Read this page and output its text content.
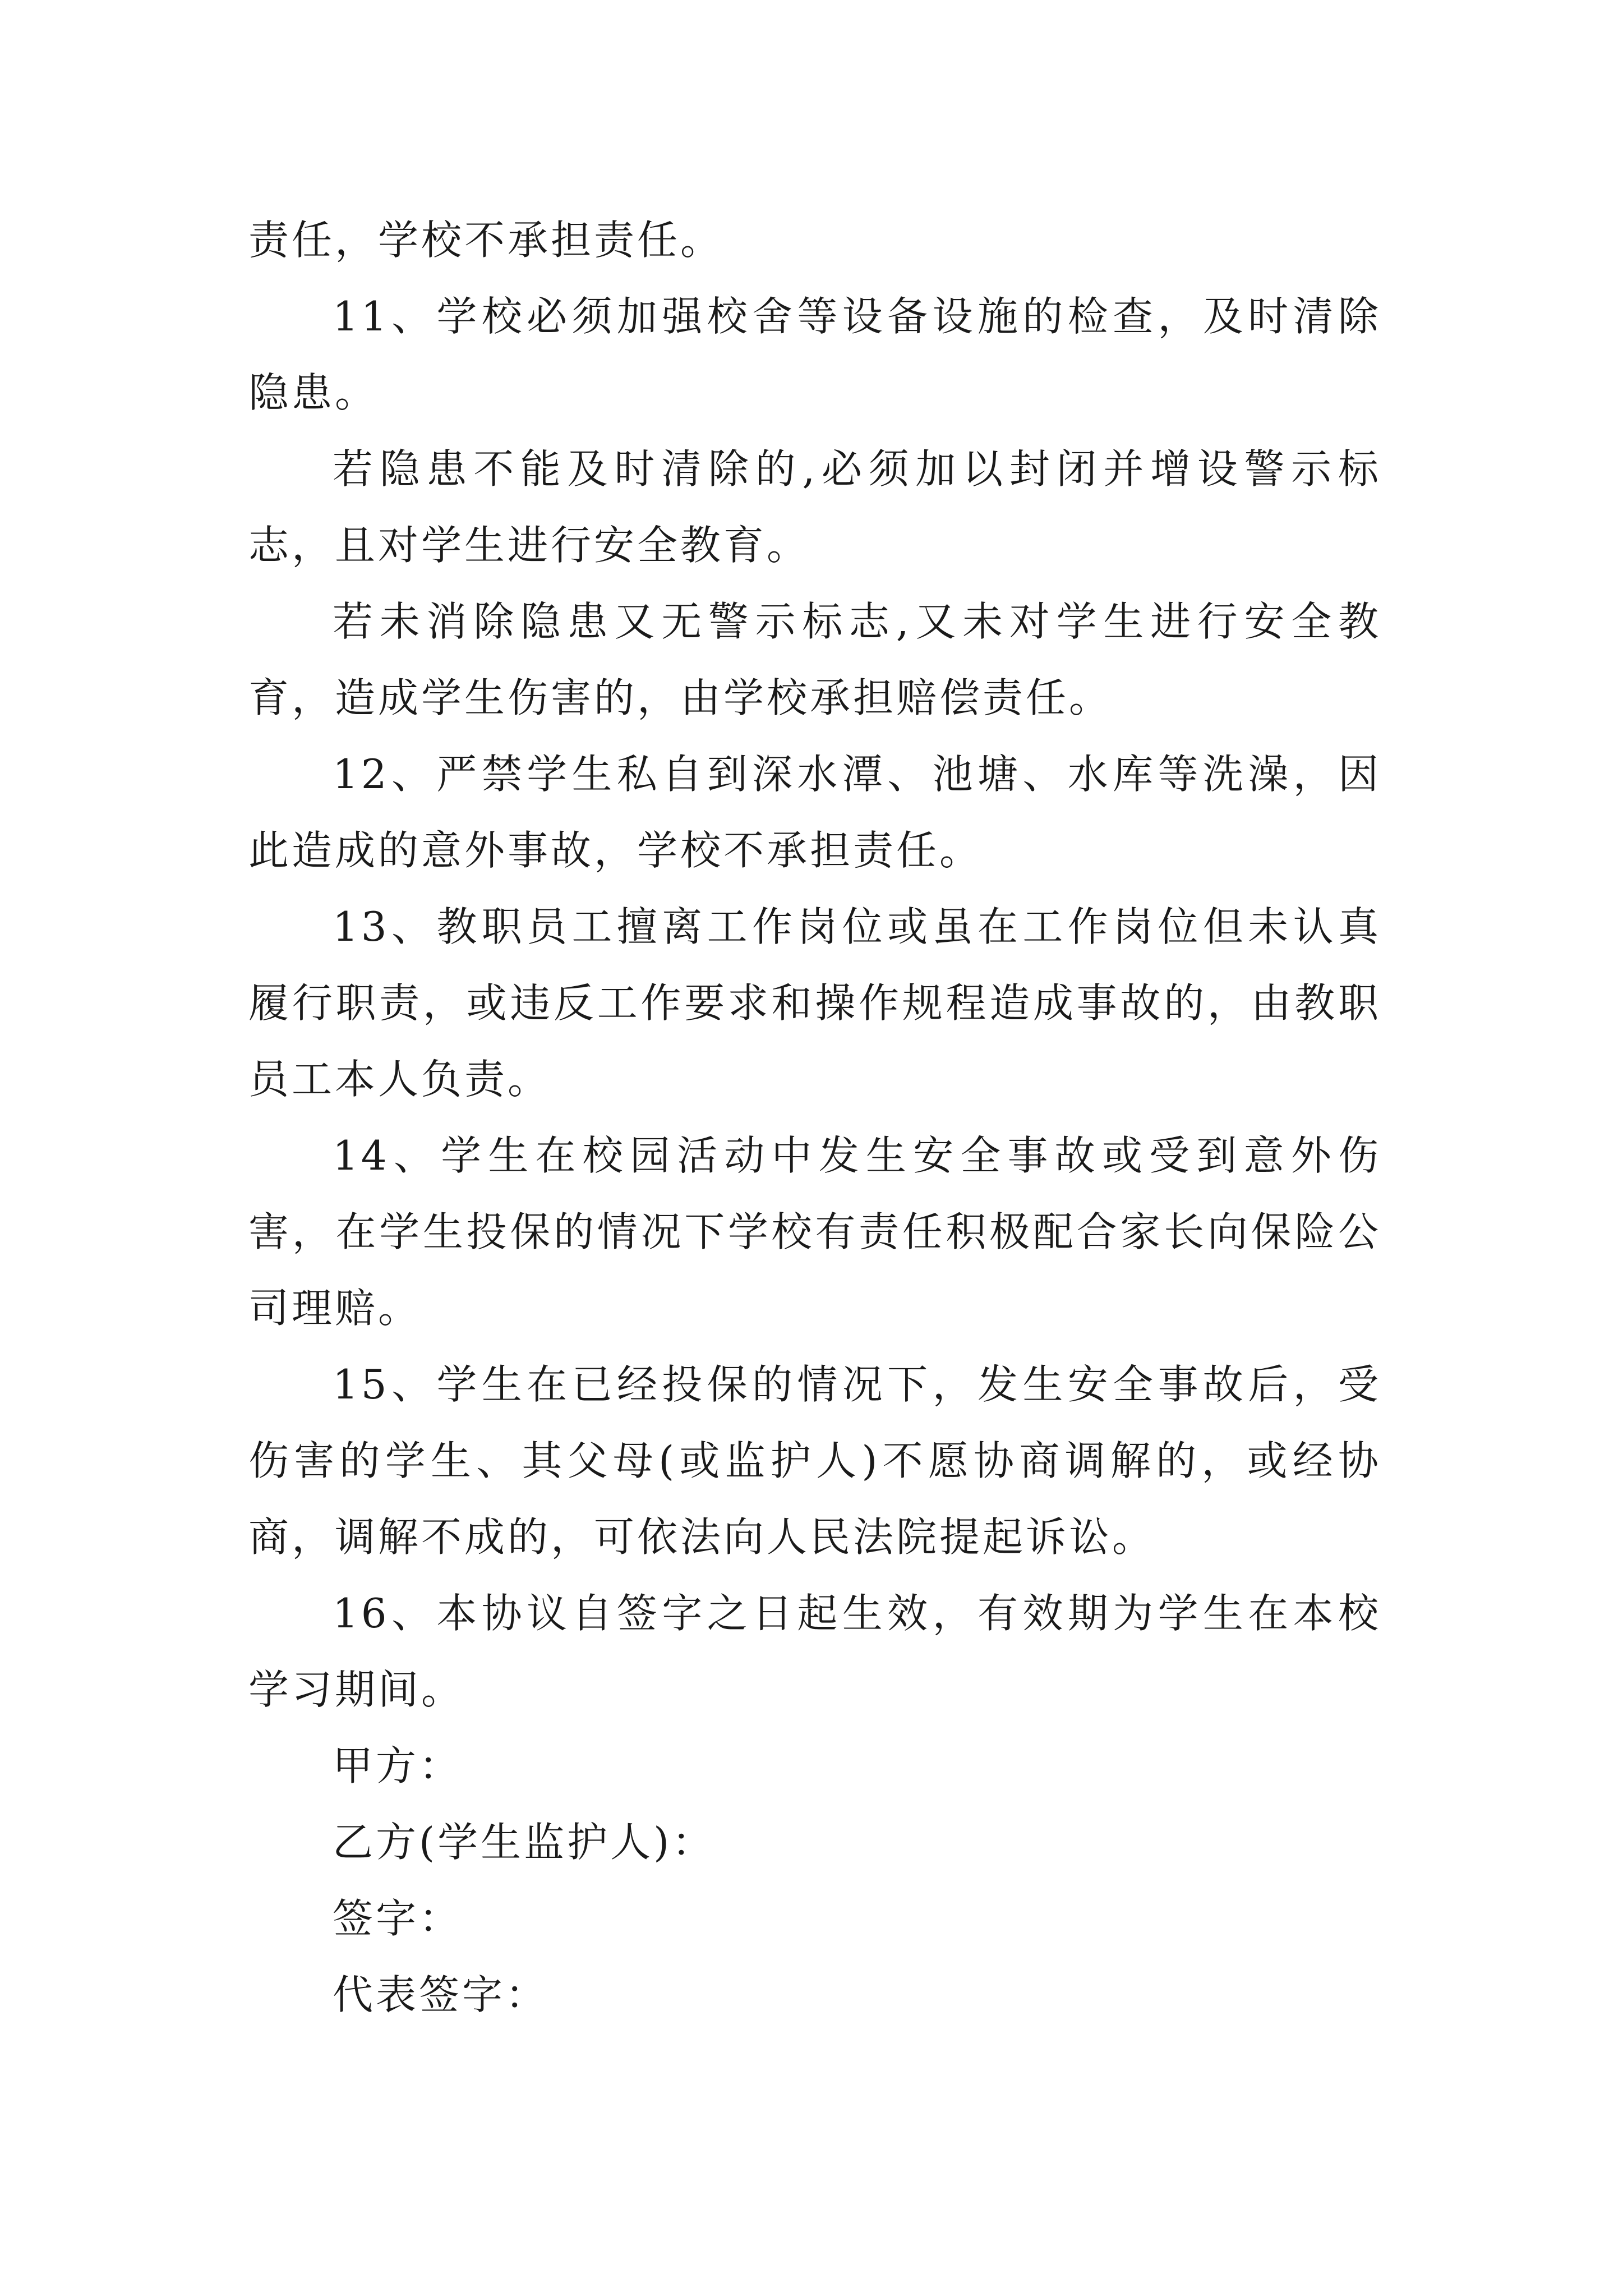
责任，学校不承担责任。

11、学校必须加强校舍等设备设施的检查，及时清除隐患。

若隐患不能及时清除的,必须加以封闭并增设警示标志，且对学生进行安全教育。

若未消除隐患又无警示标志,又未对学生进行安全教育，造成学生伤害的，由学校承担赔偿责任。

12、严禁学生私自到深水潭、池塘、水库等洗澡，因此造成的意外事故，学校不承担责任。

13、教职员工擅离工作岗位或虽在工作岗位但未认真履行职责，或违反工作要求和操作规程造成事故的，由教职员工本人负责。

14、学生在校园活动中发生安全事故或受到意外伤害，在学生投保的情况下学校有责任积极配合家长向保险公司理赔。

15、学生在已经投保的情况下，发生安全事故后，受伤害的学生、其父母(或监护人)不愿协商调解的，或经协商，调解不成的，可依法向人民法院提起诉讼。

16、本协议自签字之日起生效，有效期为学生在本校学习期间。

甲方：

乙方(学生监护人)：

签字：

代表签字：
